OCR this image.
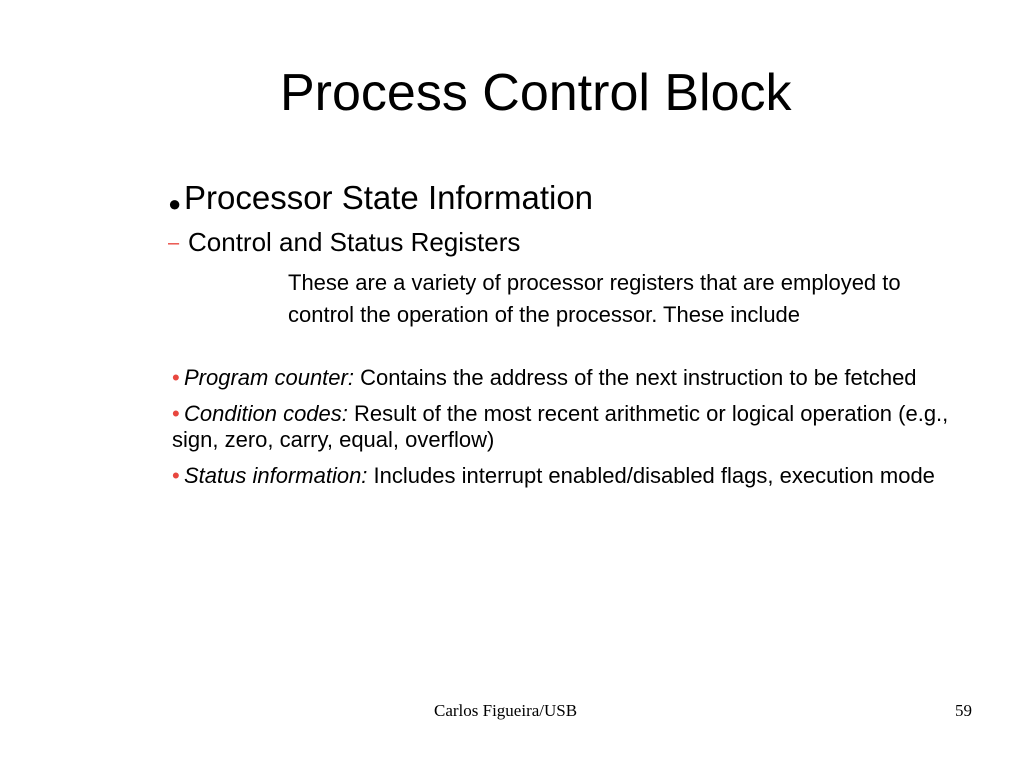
Process Control Block
●Processor State Information
– Control and Status Registers
These are a variety of processor registers that are employed to control the operation of the processor. These include
• Program counter: Contains the address of the next instruction to be fetched
• Condition codes: Result of the most recent arithmetic or logical operation (e.g., sign, zero, carry, equal, overflow)
• Status information: Includes interrupt enabled/disabled flags, execution mode
Carlos Figueira/USB	59
